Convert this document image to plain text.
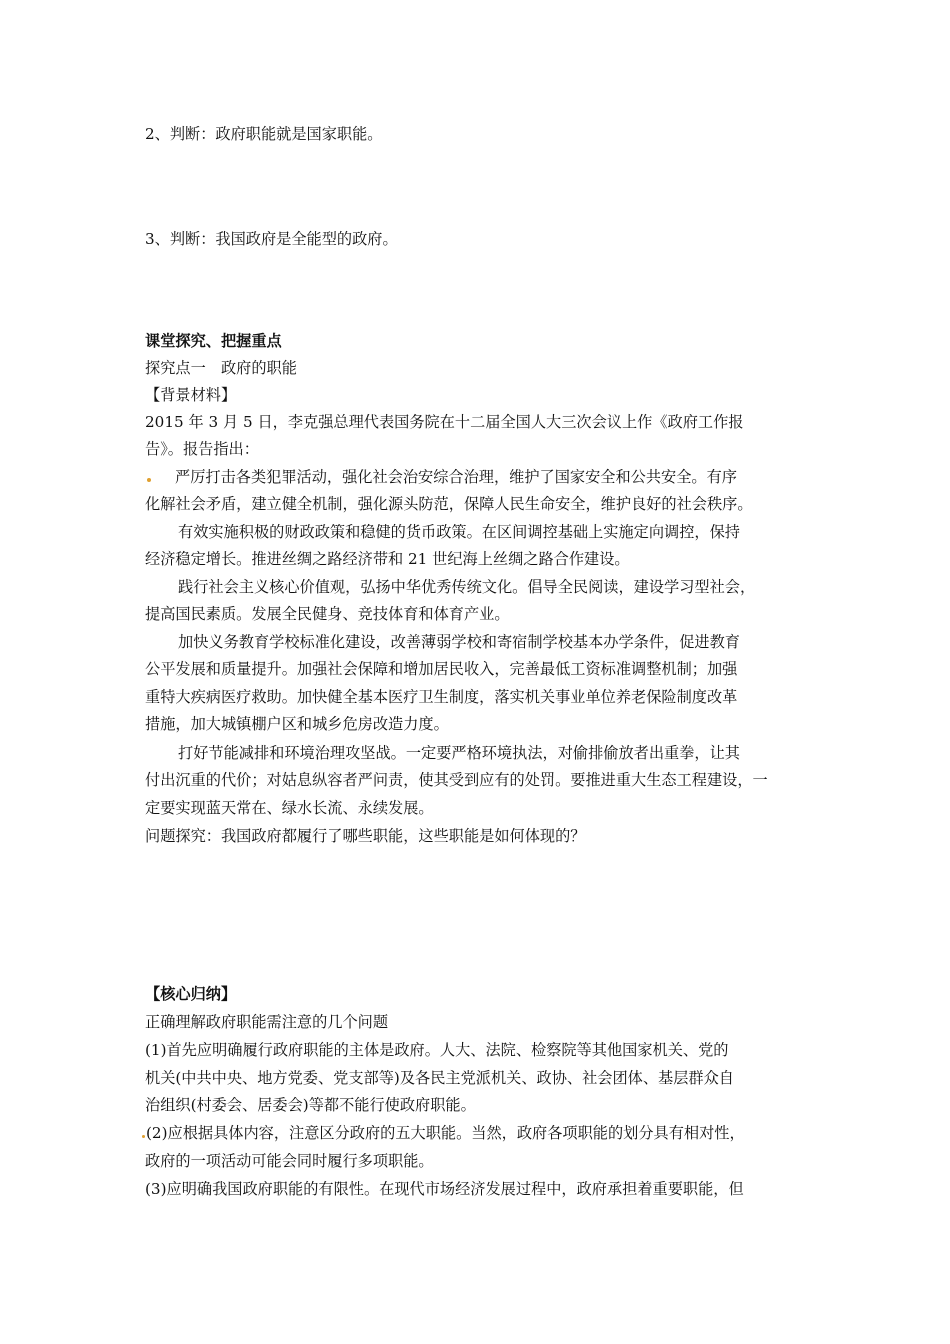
2、判断：政府职能就是国家职能。
3、判断：我国政府是全能型的政府。
课堂探究、把握重点
探究点一　政府的职能
【背景材料】
2015 年 3 月 5 日，李克强总理代表国务院在十二届全国人大三次会议上作《政府工作报
告》。报告指出：
严厉打击各类犯罪活动，强化社会治安综合治理，维护了国家安全和公共安全。有序
化解社会矛盾，建立健全机制，强化源头防范，保障人民生命安全，维护良好的社会秩序。
有效实施积极的财政政策和稳健的货币政策。在区间调控基础上实施定向调控，保持
经济稳定增长。推进丝绸之路经济带和 21 世纪海上丝绸之路合作建设。
践行社会主义核心价值观，弘扬中华优秀传统文化。倡导全民阅读，建设学习型社会，
提高国民素质。发展全民健身、竞技体育和体育产业。
加快义务教育学校标准化建设，改善薄弱学校和寄宿制学校基本办学条件，促进教育
公平发展和质量提升。加强社会保障和增加居民收入，完善最低工资标准调整机制；加强
重特大疾病医疗救助。加快健全基本医疗卫生制度，落实机关事业单位养老保险制度改革
措施，加大城镇棚户区和城乡危房改造力度。
打好节能减排和环境治理攻坚战。一定要严格环境执法，对偷排偷放者出重拳，让其
付出沉重的代价；对姑息纵容者严问责，使其受到应有的处罚。要推进重大生态工程建设，一
定要实现蓝天常在、绿水长流、永续发展。
问题探究：我国政府都履行了哪些职能，这些职能是如何体现的？
【核心归纳】
正确理解政府职能需注意的几个问题
(1)首先应明确履行政府职能的主体是政府。人大、法院、检察院等其他国家机关、党的
机关(中共中央、地方党委、党支部等)及各民主党派机关、政协、社会团体、基层群众自
治组织(村委会、居委会)等都不能行使政府职能。
(2)应根据具体内容，注意区分政府的五大职能。当然，政府各项职能的划分具有相对性，
政府的一项活动可能会同时履行多项职能。
(3)应明确我国政府职能的有限性。在现代市场经济发展过程中，政府承担着重要职能，但
